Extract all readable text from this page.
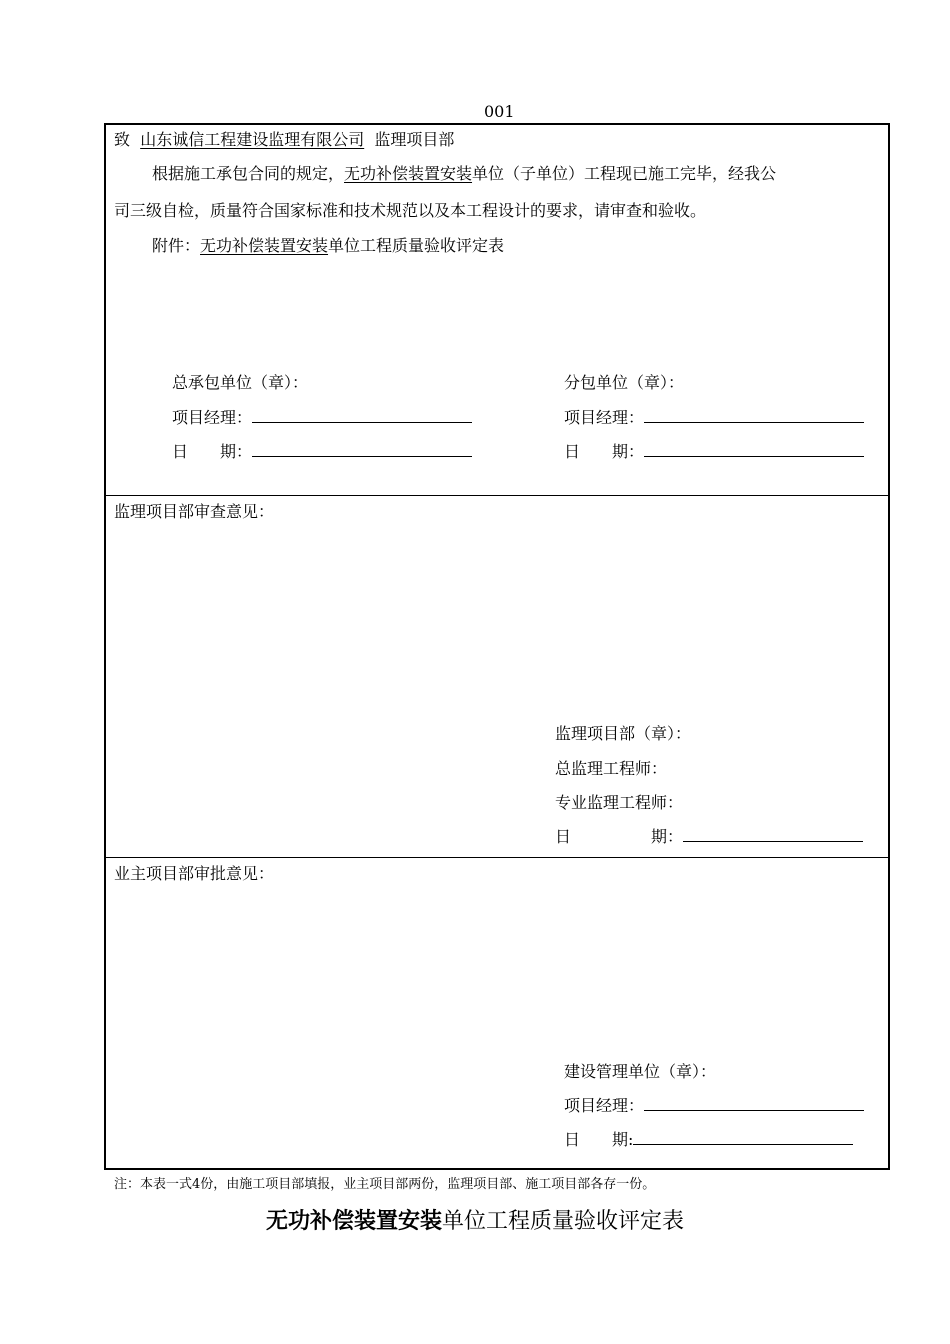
001
致 山东诚信工程建设监理有限公司 监理项目部
根据施工承包合同的规定，无功补偿装置安装单位（子单位）工程现已施工完毕，经我公
司三级自检，质量符合国家标准和技术规范以及本工程设计的要求，请审查和验收。
附件：无功补偿装置安装单位工程质量验收评定表
总承包单位（章）：	分包单位（章）：
项目经理：	项目经理：
日　　期：	日　　期：
监理项目部审查意见：
监理项目部（章）：
总监理工程师：
专业监理工程师：
日　　　　　期：
业主项目部审批意见：
建设管理单位（章）：
项目经理：
日　　期:
注：本表一式4份，由施工项目部填报，业主项目部两份，监理项目部、施工项目部各存一份。
无功补偿装置安装单位工程质量验收评定表
